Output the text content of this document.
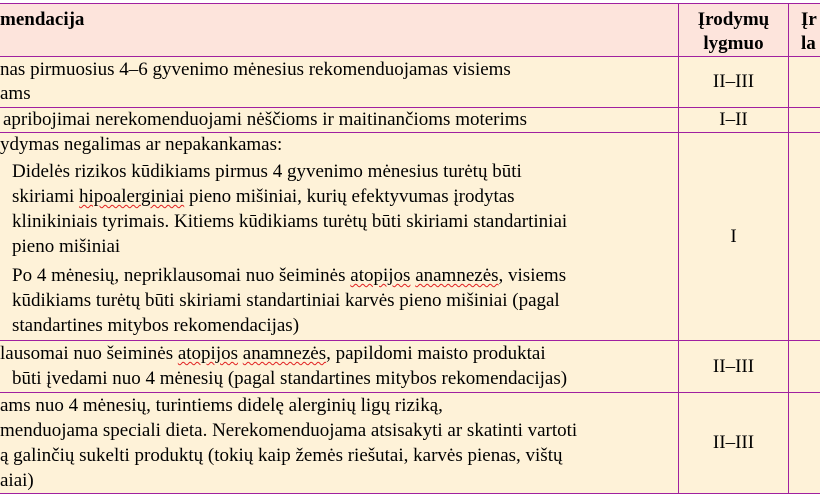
mendacija	Įrodymų
lygmuo
Įr
la
nas pirmuosius 4–6 gyvenimo mėnesius rekomenduojamas visiems
ams
II–III
apribojimai nerekomenduojami nėščioms ir maitinančioms moterims	I–II
ydymas negalimas ar nepakankamas:
Didelės rizikos kūdikiams pirmus 4 gyvenimo mėnesius turėtų būti
skiriami hipoalerginiai pieno mišiniai, kurių efektyvumas įrodytas
klinikiniais tyrimais. Kitiems kūdikiams turėtų būti skiriami standartiniai
pieno mišiniai
Po 4 mėnesių, nepriklausomai nuo šeiminės atopijos anamnezės, visiems
kūdikiams turėtų būti skiriami standartiniai karvės pieno mišiniai (pagal
standartines mitybos rekomendacijas)
I
lausomai nuo šeiminės atopijos anamnezės, papildomi maisto produktai
būti įvedami nuo 4 mėnesių (pagal standartines mitybos rekomendacijas)
II–III
ams nuo 4 mėnesių, turintiems didelę alerginių ligų riziką,
menduojama speciali dieta. Nerekomenduojama atsisakyti ar skatinti vartoti
ą galinčių sukelti produktų (tokių kaip žemės riešutai, karvės pienas, vištų
aiai)
II–III
